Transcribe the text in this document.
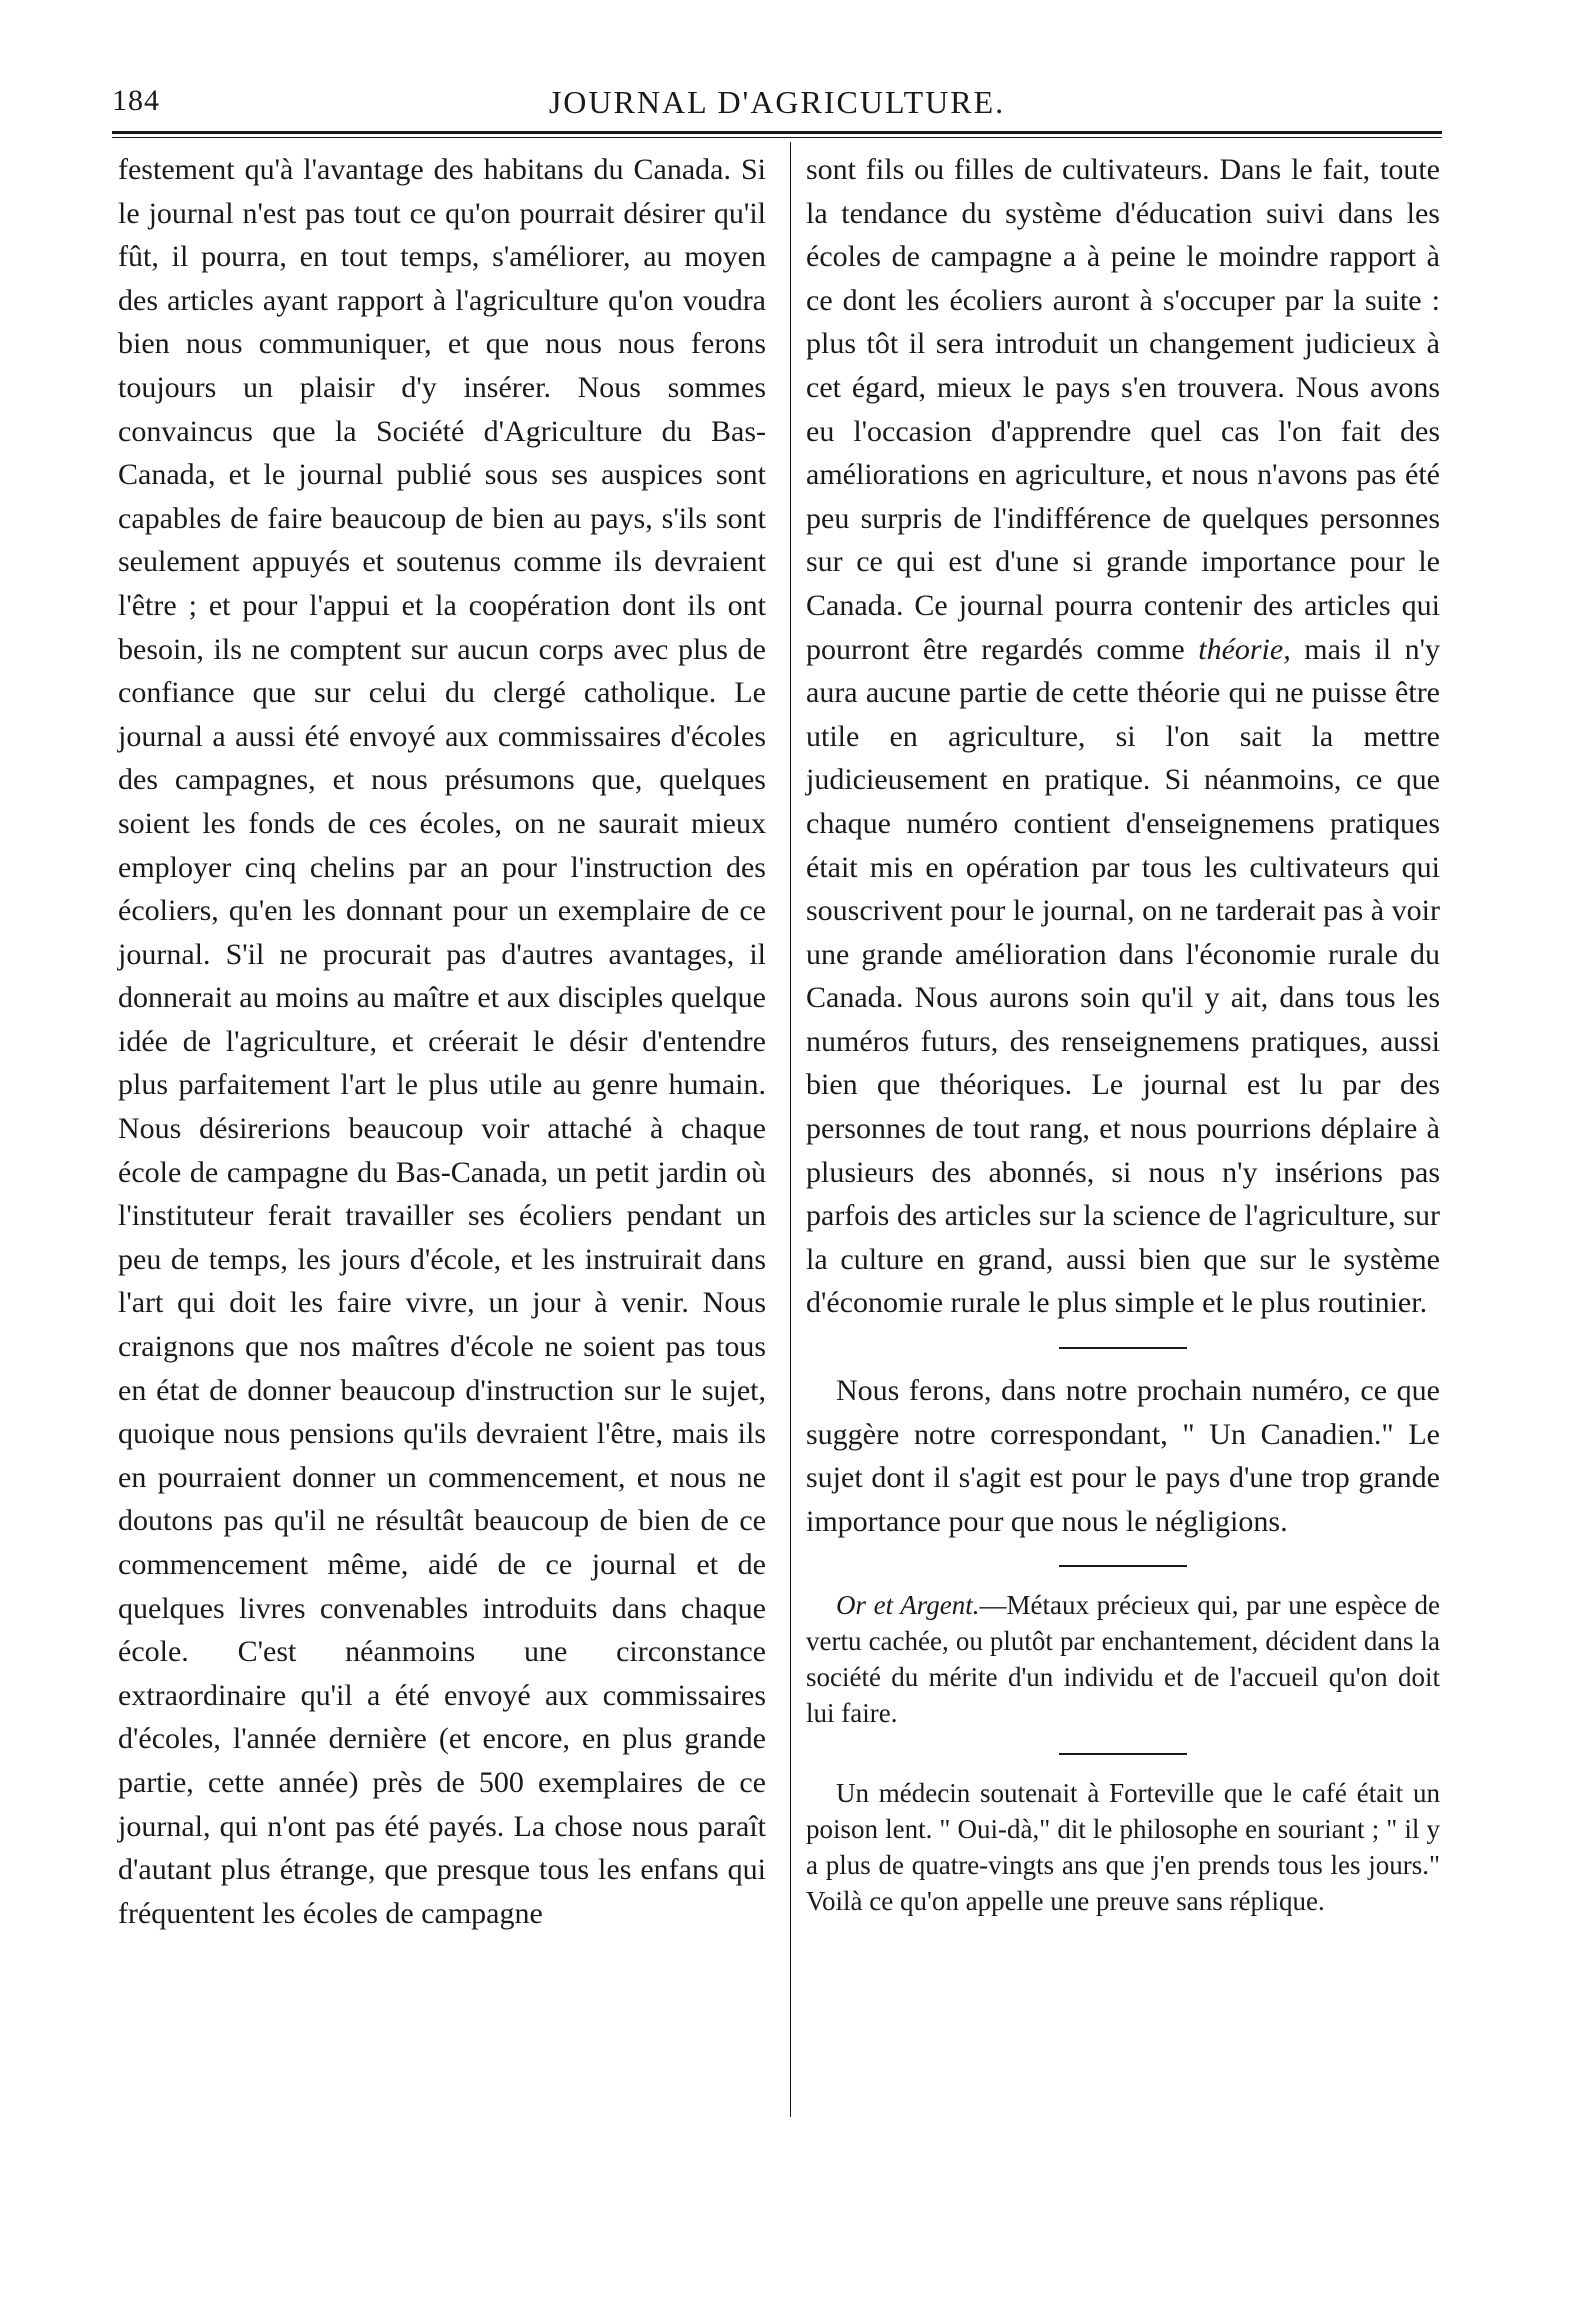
184	JOURNAL D'AGRICULTURE.

festement qu'à l'avantage des habitans du Canada. Si le journal n'est pas tout ce qu'on pourrait désirer qu'il fût, il pourra, en tout temps, s'améliorer, au moyen des articles ayant rapport à l'agriculture qu'on voudra bien nous communiquer, et que nous nous ferons toujours un plaisir d'y insérer. Nous sommes convaincus que la Société d'Agriculture du Bas-Canada, et le journal publié sous ses auspices sont capables de faire beaucoup de bien au pays, s'ils sont seulement appuyés et soutenus comme ils devraient l'être ; et pour l'appui et la coopération dont ils ont besoin, ils ne comptent sur aucun corps avec plus de confiance que sur celui du clergé catholique. Le journal a aussi été envoyé aux commissaires d'écoles des campagnes, et nous présumons que, quelques soient les fonds de ces écoles, on ne saurait mieux employer cinq chelins par an pour l'instruction des écoliers, qu'en les donnant pour un exemplaire de ce journal. S'il ne procurait pas d'autres avantages, il donnerait au moins au maître et aux disciples quelque idée de l'agriculture, et créerait le désir d'entendre plus parfaitement l'art le plus utile au genre humain. Nous désirerions beaucoup voir attaché à chaque école de campagne du Bas-Canada, un petit jardin où l'instituteur ferait travailler ses écoliers pendant un peu de temps, les jours d'école, et les instruirait dans l'art qui doit les faire vivre, un jour à venir. Nous craignons que nos maîtres d'école ne soient pas tous en état de donner beaucoup d'instruction sur le sujet, quoique nous pensions qu'ils devraient l'être, mais ils en pourraient donner un commencement, et nous ne doutons pas qu'il ne résultât beaucoup de bien de ce commencement même, aidé de ce journal et de quelques livres convenables introduits dans chaque école. C'est néanmoins une circonstance extraordinaire qu'il a été envoyé aux commissaires d'écoles, l'année dernière (et encore, en plus grande partie, cette année) près de 500 exemplaires de ce journal, qui n'ont pas été payés. La chose nous paraît d'autant plus étrange, que presque tous les enfans qui fréquentent les écoles de campagne

sont fils ou filles de cultivateurs. Dans le fait, toute la tendance du système d'éducation suivi dans les écoles de campagne a à peine le moindre rapport à ce dont les écoliers auront à s'occuper par la suite : plus tôt il sera introduit un changement judicieux à cet égard, mieux le pays s'en trouvera. Nous avons eu l'occasion d'apprendre quel cas l'on fait des améliorations en agriculture, et nous n'avons pas été peu surpris de l'indifférence de quelques personnes sur ce qui est d'une si grande importance pour le Canada. Ce journal pourra contenir des articles qui pourront être regardés comme théorie, mais il n'y aura aucune partie de cette théorie qui ne puisse être utile en agriculture, si l'on sait la mettre judicieusement en pratique. Si néanmoins, ce que chaque numéro contient d'enseignemens pratiques était mis en opération par tous les cultivateurs qui souscrivent pour le journal, on ne tarderait pas à voir une grande amélioration dans l'économie rurale du Canada. Nous aurons soin qu'il y ait, dans tous les numéros futurs, des renseignemens pratiques, aussi bien que théoriques. Le journal est lu par des personnes de tout rang, et nous pourrions déplaire à plusieurs des abonnés, si nous n'y insérions pas parfois des articles sur la science de l'agriculture, sur la culture en grand, aussi bien que sur le système d'économie rurale le plus simple et le plus routinier.

Nous ferons, dans notre prochain numéro, ce que suggère notre correspondant, " Un Canadien." Le sujet dont il s'agit est pour le pays d'une trop grande importance pour que nous le négligions.

Or et Argent.—Métaux précieux qui, par une espèce de vertu cachée, ou plutôt par enchantement, décident dans la société du mérite d'un individu et de l'accueil qu'on doit lui faire.

Un médecin soutenait à Forteville que le café était un poison lent. " Oui-dà," dit le philosophe en souriant ; " il y a plus de quatre-vingts ans que j'en prends tous les jours." Voilà ce qu'on appelle une preuve sans réplique.
